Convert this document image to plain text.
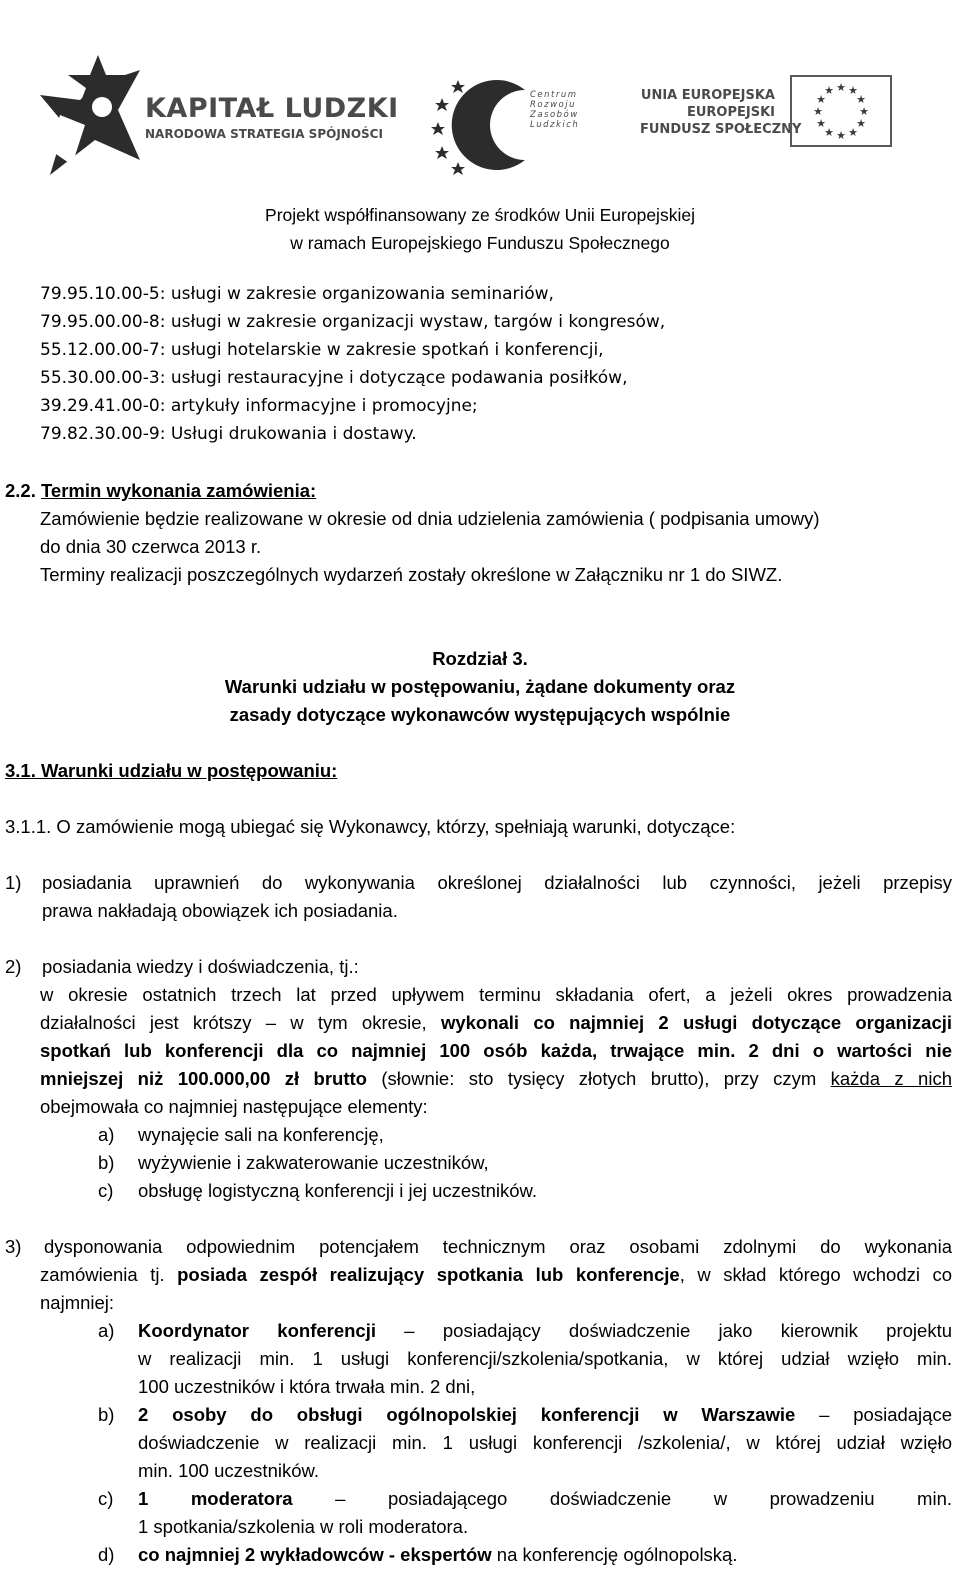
KAPITAŁ LUDZKI
NARODOWA STRATEGIA SPÓJNOŚCI
Centrum
Rozwoju
Zasobów
Ludzkich
UNIA EUROPEJSKA
EUROPEJSKI
FUNDUSZ SPOŁECZNY
★ ★
★
★
★
★
★
★
★
★
★
★
Projekt współfinansowany ze środków Unii Europejskiej
w ramach Europejskiego Funduszu Społecznego
79.95.10.00-5: usługi w zakresie organizowania seminariów,
79.95.00.00-8: usługi w zakresie organizacji wystaw, targów i kongresów,
55.12.00.00-7: usługi hotelarskie w zakresie spotkań i konferencji,
55.30.00.00-3: usługi restauracyjne i dotyczące podawania posiłków,
39.29.41.00-0: artykuły informacyjne i promocyjne;
79.82.30.00-9: Usługi drukowania i dostawy.
2.2. Termin wykonania zamówienia:
Zamówienie będzie realizowane w okresie od dnia udzielenia zamówienia ( podpisania umowy)
do dnia 30 czerwca 2013 r.
Terminy realizacji poszczególnych wydarzeń zostały określone w Załączniku nr 1 do SIWZ.
Rozdział 3.
Warunki udziału w postępowaniu, żądane dokumenty oraz
zasady dotyczące wykonawców występujących wspólnie
3.1. Warunki udziału w postępowaniu:
3.1.1. O zamówienie mogą ubiegać się Wykonawcy, którzy, spełniają warunki, dotyczące:
1) posiadania uprawnień do wykonywania określonej działalności lub czynności, jeżeli przepisy
prawa nakładają obowiązek ich posiadania.
2) posiadania wiedzy i doświadczenia, tj.:
w okresie ostatnich trzech lat przed upływem terminu składania ofert, a jeżeli okres prowadzenia
działalności jest krótszy – w tym okresie, wykonali co najmniej 2 usługi dotyczące organizacji
spotkań lub konferencji dla co najmniej 100 osób każda, trwające min. 2 dni o wartości nie
mniejszej niż 100.000,00 zł brutto (słownie: sto tysięcy złotych brutto), przy czym każda z nich
obejmowała co najmniej następujące elementy:
a) wynajęcie sali na konferencję,
b) wyżywienie i zakwaterowanie uczestników,
c) obsługę logistyczną konferencji i jej uczestników.
3) dysponowania odpowiednim potencjałem technicznym oraz osobami zdolnymi do wykonania
zamówienia tj. posiada zespół realizujący spotkania lub konferencje, w skład którego wchodzi co
najmniej:
a) Koordynator konferencji – posiadający doświadczenie jako kierownik projektu
w realizacji min. 1 usługi konferencji/szkolenia/spotkania, w której udział wzięło min.
100 uczestników i która trwała min. 2 dni,
b) 2 osoby do obsługi ogólnopolskiej konferencji w Warszawie – posiadające
doświadczenie w realizacji min. 1 usługi konferencji /szkolenia/, w której udział wzięło
min. 100 uczestników.
c) 1 moderatora – posiadającego doświadczenie w prowadzeniu min.
1 spotkania/szkolenia w roli moderatora.
d) co najmniej 2 wykładowców - ekspertów na konferencję ogólnopolską.
